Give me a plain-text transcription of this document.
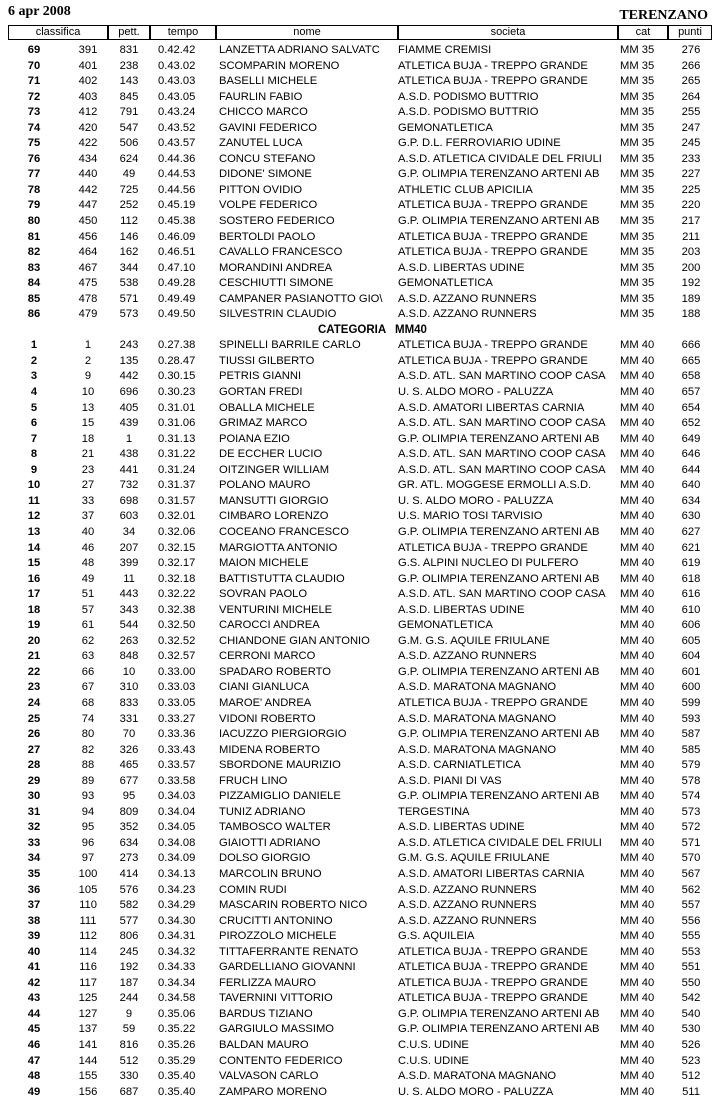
6 apr 2008	TERENZANO
classifica	pett.	tempo	nome	societa	cat	punti
69	391	831	0.42.42	LANZETTA ADRIANO SALVATC	FIAMME CREMISI	MM 35	276
70	401	238	0.43.02	SCOMPARIN MORENO	ATLETICA BUJA - TREPPO GRANDE	MM 35	266
71	402	143	0.43.03	BASELLI MICHELE	ATLETICA BUJA - TREPPO GRANDE	MM 35	265
72	403	845	0.43.05	FAURLIN FABIO	A.S.D. PODISMO BUTTRIO	MM 35	264
73	412	791	0.43.24	CHICCO MARCO	A.S.D. PODISMO BUTTRIO	MM 35	255
74	420	547	0.43.52	GAVINI FEDERICO	GEMONATLETICA	MM 35	247
75	422	506	0.43.57	ZANUTEL LUCA	G.P. D.L. FERROVIARIO UDINE	MM 35	245
76	434	624	0.44.36	CONCU STEFANO	A.S.D. ATLETICA CIVIDALE DEL FRIULI	MM 35	233
77	440	49	0.44.53	DIDONE' SIMONE	G.P. OLIMPIA TERENZANO ARTENI AB	MM 35	227
78	442	725	0.44.56	PITTON OVIDIO	ATHLETIC CLUB APICILIA	MM 35	225
79	447	252	0.45.19	VOLPE FEDERICO	ATLETICA BUJA - TREPPO GRANDE	MM 35	220
80	450	112	0.45.38	SOSTERO FEDERICO	G.P. OLIMPIA TERENZANO ARTENI AB	MM 35	217
81	456	146	0.46.09	BERTOLDI PAOLO	ATLETICA BUJA - TREPPO GRANDE	MM 35	211
82	464	162	0.46.51	CAVALLO FRANCESCO	ATLETICA BUJA - TREPPO GRANDE	MM 35	203
83	467	344	0.47.10	MORANDINI ANDREA	A.S.D. LIBERTAS UDINE	MM 35	200
84	475	538	0.49.28	CESCHIUTTI SIMONE	GEMONATLETICA	MM 35	192
85	478	571	0.49.49	CAMPANER PASIANOTTO GIO\	A.S.D. AZZANO RUNNERS	MM 35	189
86	479	573	0.49.50	SILVESTRIN CLAUDIO	A.S.D. AZZANO RUNNERS	MM 35	188
CATEGORIA MM40
1	1	243	0.27.38	SPINELLI BARRILE CARLO	ATLETICA BUJA - TREPPO GRANDE	MM 40	666
2	2	135	0.28.47	TIUSSI GILBERTO	ATLETICA BUJA - TREPPO GRANDE	MM 40	665
3	9	442	0.30.15	PETRIS GIANNI	A.S.D. ATL. SAN MARTINO COOP CASA	MM 40	658
4	10	696	0.30.23	GORTAN FREDI	U. S. ALDO MORO - PALUZZA	MM 40	657
5	13	405	0.31.01	OBALLA MICHELE	A.S.D. AMATORI LIBERTAS CARNIA	MM 40	654
6	15	439	0.31.06	GRIMAZ MARCO	A.S.D. ATL. SAN MARTINO COOP CASA	MM 40	652
7	18	1	0.31.13	POIANA EZIO	G.P. OLIMPIA TERENZANO ARTENI AB	MM 40	649
8	21	438	0.31.22	DE ECCHER LUCIO	A.S.D. ATL. SAN MARTINO COOP CASA	MM 40	646
9	23	441	0.31.24	OITZINGER WILLIAM	A.S.D. ATL. SAN MARTINO COOP CASA	MM 40	644
10	27	732	0.31.37	POLANO MAURO	GR. ATL. MOGGESE ERMOLLI A.S.D.	MM 40	640
11	33	698	0.31.57	MANSUTTI GIORGIO	U. S. ALDO MORO - PALUZZA	MM 40	634
12	37	603	0.32.01	CIMBARO LORENZO	U.S. MARIO TOSI TARVISIO	MM 40	630
13	40	34	0.32.06	COCEANO FRANCESCO	G.P. OLIMPIA TERENZANO ARTENI AB	MM 40	627
14	46	207	0.32.15	MARGIOTTA ANTONIO	ATLETICA BUJA - TREPPO GRANDE	MM 40	621
15	48	399	0.32.17	MAION MICHELE	G.S. ALPINI NUCLEO DI PULFERO	MM 40	619
16	49	11	0.32.18	BATTISTUTTA CLAUDIO	G.P. OLIMPIA TERENZANO ARTENI AB	MM 40	618
17	51	443	0.32.22	SOVRAN PAOLO	A.S.D. ATL. SAN MARTINO COOP CASA	MM 40	616
18	57	343	0.32.38	VENTURINI MICHELE	A.S.D. LIBERTAS UDINE	MM 40	610
19	61	544	0.32.50	CAROCCI ANDREA	GEMONATLETICA	MM 40	606
20	62	263	0.32.52	CHIANDONE GIAN ANTONIO	G.M. G.S. AQUILE FRIULANE	MM 40	605
21	63	848	0.32.57	CERRONI MARCO	A.S.D. AZZANO RUNNERS	MM 40	604
22	66	10	0.33.00	SPADARO ROBERTO	G.P. OLIMPIA TERENZANO ARTENI AB	MM 40	601
23	67	310	0.33.03	CIANI GIANLUCA	A.S.D. MARATONA MAGNANO	MM 40	600
24	68	833	0.33.05	MAROE' ANDREA	ATLETICA BUJA - TREPPO GRANDE	MM 40	599
25	74	331	0.33.27	VIDONI ROBERTO	A.S.D. MARATONA MAGNANO	MM 40	593
26	80	70	0.33.36	IACUZZO PIERGIORGIO	G.P. OLIMPIA TERENZANO ARTENI AB	MM 40	587
27	82	326	0.33.43	MIDENA ROBERTO	A.S.D. MARATONA MAGNANO	MM 40	585
28	88	465	0.33.57	SBORDONE MAURIZIO	A.S.D. CARNIATLETICA	MM 40	579
29	89	677	0.33.58	FRUCH LINO	A.S.D. PIANI DI VAS	MM 40	578
30	93	95	0.34.03	PIZZAMIGLIO DANIELE	G.P. OLIMPIA TERENZANO ARTENI AB	MM 40	574
31	94	809	0.34.04	TUNIZ ADRIANO	TERGESTINA	MM 40	573
32	95	352	0.34.05	TAMBOSCO WALTER	A.S.D. LIBERTAS UDINE	MM 40	572
33	96	634	0.34.08	GIAIOTTI ADRIANO	A.S.D. ATLETICA CIVIDALE DEL FRIULI	MM 40	571
34	97	273	0.34.09	DOLSO GIORGIO	G.M. G.S. AQUILE FRIULANE	MM 40	570
35	100	414	0.34.13	MARCOLIN BRUNO	A.S.D. AMATORI LIBERTAS CARNIA	MM 40	567
36	105	576	0.34.23	COMIN RUDI	A.S.D. AZZANO RUNNERS	MM 40	562
37	110	582	0.34.29	MASCARIN ROBERTO NICO	A.S.D. AZZANO RUNNERS	MM 40	557
38	111	577	0.34.30	CRUCITTI ANTONINO	A.S.D. AZZANO RUNNERS	MM 40	556
39	112	806	0.34.31	PIROZZOLO MICHELE	G.S. AQUILEIA	MM 40	555
40	114	245	0.34.32	TITTAFERRANTE RENATO	ATLETICA BUJA - TREPPO GRANDE	MM 40	553
41	116	192	0.34.33	GARDELLIANO GIOVANNI	ATLETICA BUJA - TREPPO GRANDE	MM 40	551
42	117	187	0.34.34	FERLIZZA MAURO	ATLETICA BUJA - TREPPO GRANDE	MM 40	550
43	125	244	0.34.58	TAVERNINI VITTORIO	ATLETICA BUJA - TREPPO GRANDE	MM 40	542
44	127	9	0.35.06	BARDUS TIZIANO	G.P. OLIMPIA TERENZANO ARTENI AB	MM 40	540
45	137	59	0.35.22	GARGIULO MASSIMO	G.P. OLIMPIA TERENZANO ARTENI AB	MM 40	530
46	141	816	0.35.26	BALDAN MAURO	C.U.S. UDINE	MM 40	526
47	144	512	0.35.29	CONTENTO FEDERICO	C.U.S. UDINE	MM 40	523
48	155	330	0.35.40	VALVASON CARLO	A.S.D. MARATONA MAGNANO	MM 40	512
49	156	687	0.35.40	ZAMPARO MORENO	U. S. ALDO MORO - PALUZZA	MM 40	511
